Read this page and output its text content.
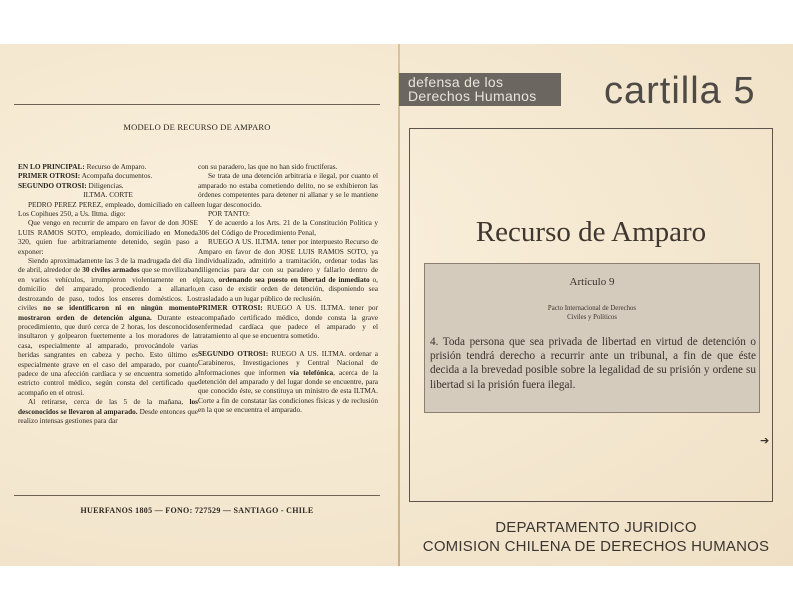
MODELO DE RECURSO DE AMPARO

EN LO PRINCIPAL: Recurso de Amparo.

PRIMER OTROSI: Acompaña documentos.

SEGUNDO OTROSI: Diligencias.

ILTMA. CORTE

PEDRO PEREZ PEREZ, empleado, domiciliado en calle Los Copihues 250, a Us. Iltma. digo:

Que vengo en recurrir de amparo en favor de don JOSE LUIS RAMOS SOTO, empleado, domiciliado en Moneda 320, quien fue arbitrariamente detenido, según paso a exponer:

Siendo aproximadamente las 3 de la madrugada del día 1 de abril, alrededor de 30 civiles armados que se movilizaban en varios vehículos, irrumpieron violentamente en el domicilio del amparado, procediendo a allanarlo, destrozando de paso, todos los enseres domésticos. Los civiles no se identificaron ni en ningún momento mostraron orden de detención alguna. Durante este procedimiento, que duró cerca de 2 horas, los desconocidos insultaron y golpearon fuertemente a los moradores de la casa, especialmente al amparado, provocándole varias heridas sangrantes en cabeza y pecho. Esto último es especialmente grave en el caso del amparado, por cuanto padece de una afección cardíaca y se encuentra sometido a estricto control médico, según consta del certificado que acompaño en el otrosí.

Al retirarse, cerca de las 5 de la mañana, los desconocidos se llevaron al amparado. Desde entonces que realizo intensas gestiones para dar

con su paradero, las que no han sido fructíferas.

Se trata de una detención arbitraria e ilegal, por cuanto el amparado no estaba cometiendo delito, no se exhibieron las órdenes competentes para detener ni allanar y se le mantiene en lugar desconocido.

POR TANTO:

Y de acuerdo a los Arts. 21 de la Constitución Política y 306 del Código de Procedimiento Penal,

RUEGO A US. ILTMA. tener por interpuesto Recurso de Amparo en favor de don JOSE LUIS RAMOS SOTO, ya individualizado, admitirlo a tramitación, ordenar todas las diligencias para dar con su paradero y fallarlo dentro de plazo, ordenando sea puesto en libertad de inmediato o, en caso de existir orden de detención, disponiendo sea trasladado a un lugar público de reclusión.

PRIMER OTROSI: RUEGO A US. ILTMA. tener por acompañado certificado médico, donde consta la grave enfermedad cardíaca que padece el amparado y el tratamiento al que se encuentra sometido.

SEGUNDO OTROSI: RUEGO A US. ILTMA. ordenar a Carabineros, Investigaciones y Central Nacional de Informaciones que informen vía telefónica, acerca de la detención del amparado y del lugar donde se encuentre, para que conocido éste, se constituya un ministro de esta ILTMA. Corte a fin de constatar las condiciones físicas y de reclusión en la que se encuentra el amparado.

HUERFANOS 1805 — FONO: 727529 — SANTIAGO - CHILE
defensa de los
Derechos Humanos cartilla 5
Recurso de Amparo
Artículo 9
Pacto Internacional de Derechos
Civiles y Políticos
4. Toda persona que sea privada de libertad en virtud de detención o prisión tendrá derecho a recurrir ante un tribunal, a fin de que éste decida a la brevedad posible sobre la legalidad de su prisión y ordene su libertad si la prisión fuera ilegal.
➔
DEPARTAMENTO JURIDICO
COMISION CHILENA DE DERECHOS HUMANOS
